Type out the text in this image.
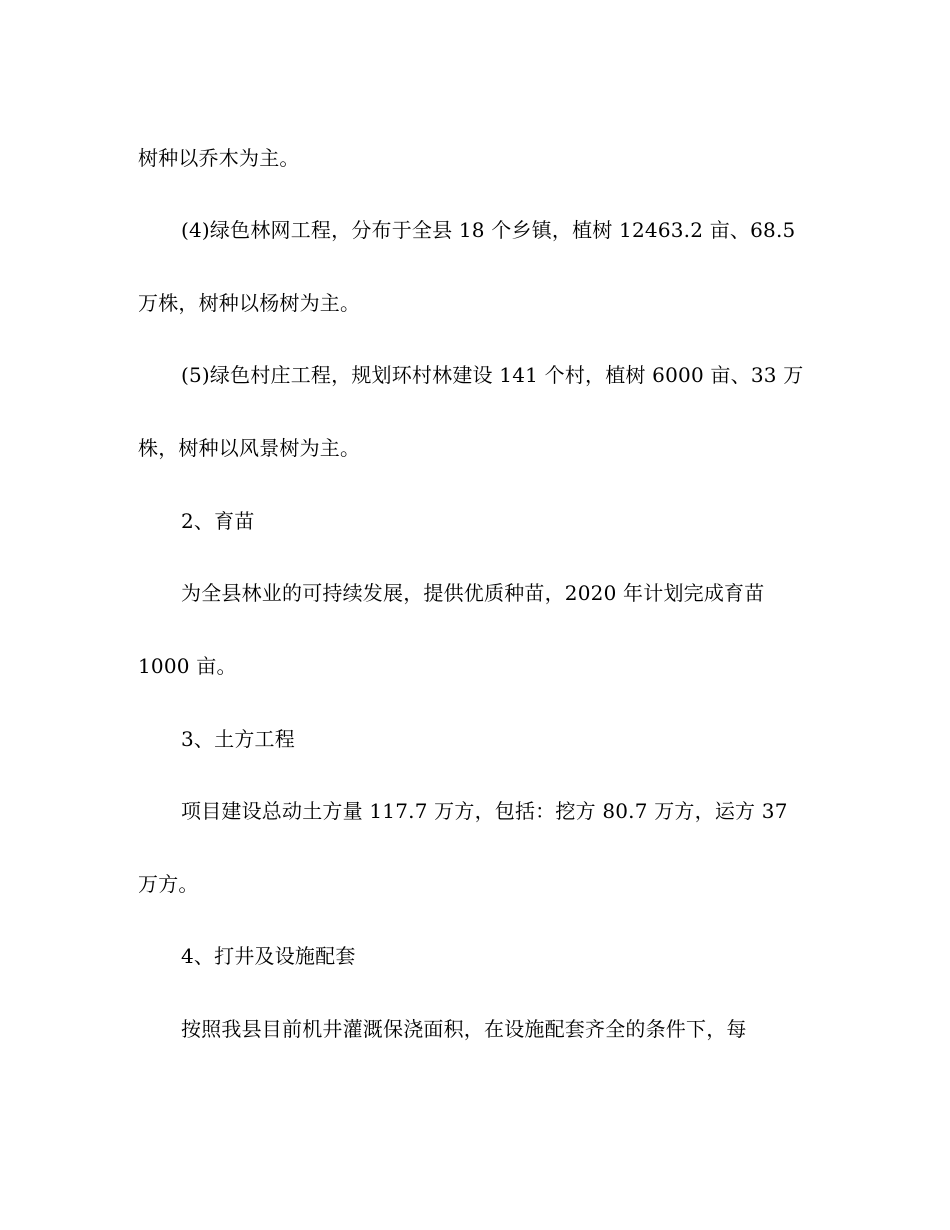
树种以乔木为主。
(4)绿色林网工程，分布于全县 18 个乡镇，植树 12463.2 亩、68.5
万株，树种以杨树为主。
(5)绿色村庄工程，规划环村林建设 141 个村，植树 6000 亩、33 万
株，树种以风景树为主。
2、育苗
为全县林业的可持续发展，提供优质种苗，2020 年计划完成育苗
1000 亩。
3、土方工程
项目建设总动土方量 117.7 万方，包括：挖方 80.7 万方，运方 37
万方。
4、打井及设施配套
按照我县目前机井灌溉保浇面积，在设施配套齐全的条件下，每
